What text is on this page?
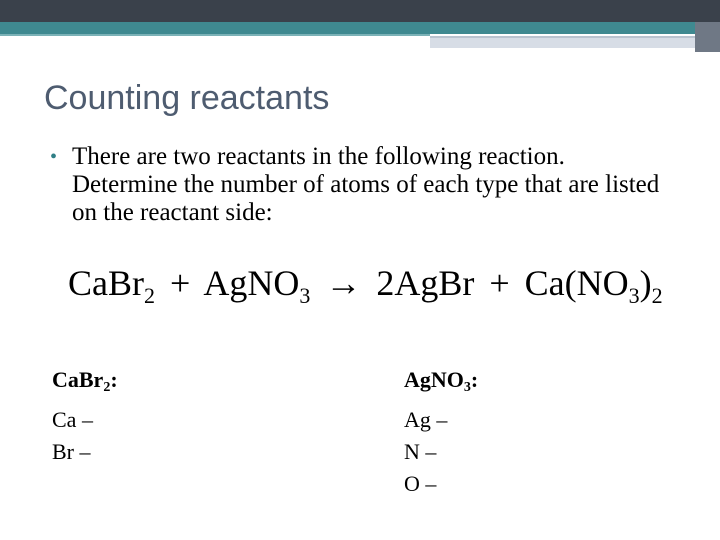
Counting reactants
• There are two reactants in the following reaction. Determine the number of atoms of each type that are listed on the reactant side:
CaBr$_2$ + AgNO$_3$ → 2AgBr + $Ca(NO_3)_2$
CaBr$_2$:
Ca –
Br –
AgNO$_3$:
Ag –
N –
O –
